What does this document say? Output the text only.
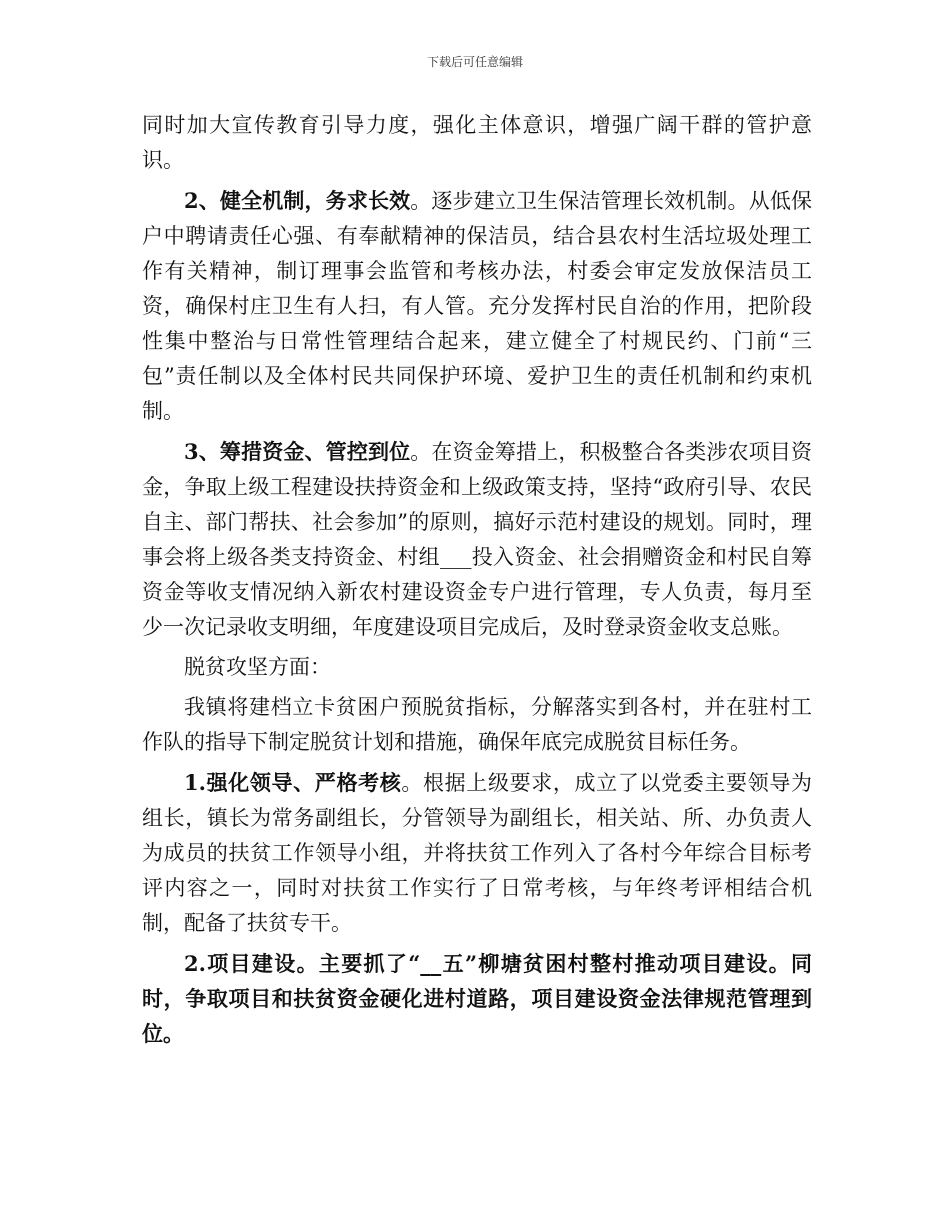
下载后可任意编辑

同时加大宣传教育引导力度，强化主体意识，增强广阔干群的管护意识。

2、健全机制，务求长效。逐步建立卫生保洁管理长效机制。从低保户中聘请责任心强、有奉献精神的保洁员，结合县农村生活垃圾处理工作有关精神，制订理事会监管和考核办法，村委会审定发放保洁员工资，确保村庄卫生有人扫，有人管。充分发挥村民自治的作用，把阶段性集中整治与日常性管理结合起来，建立健全了村规民约、门前“三包”责任制以及全体村民共同保护环境、爱护卫生的责任机制和约束机制。

3、筹措资金、管控到位。在资金筹措上，积极整合各类涉农项目资金，争取上级工程建设扶持资金和上级政策支持，坚持“政府引导、农民自主、部门帮扶、社会参加”的原则，搞好示范村建设的规划。同时，理事会将上级各类支持资金、村组___投入资金、社会捐赠资金和村民自筹资金等收支情况纳入新农村建设资金专户进行管理，专人负责，每月至少一次记录收支明细，年度建设项目完成后，及时登录资金收支总账。

脱贫攻坚方面：

我镇将建档立卡贫困户预脱贫指标，分解落实到各村，并在驻村工作队的指导下制定脱贫计划和措施，确保年底完成脱贫目标任务。

1.强化领导、严格考核。根据上级要求，成立了以党委主要领导为组长，镇长为常务副组长，分管领导为副组长，相关站、所、办负责人为成员的扶贫工作领导小组，并将扶贫工作列入了各村今年综合目标考评内容之一，同时对扶贫工作实行了日常考核，与年终考评相结合机制，配备了扶贫专干。

2.项目建设。主要抓了“__五”柳塘贫困村整村推动项目建设。同时，争取项目和扶贫资金硬化进村道路，项目建设资金法律规范管理到位。
